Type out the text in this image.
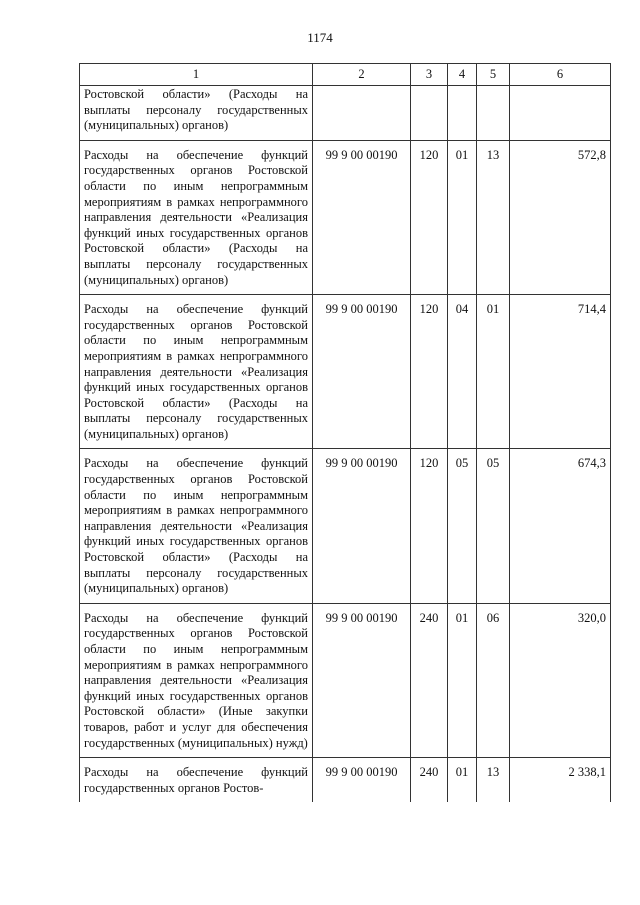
1174
1	2	3	4	5	6
Ростовской области» (Расходы на выплаты персоналу государственных (муниципальных) органов)					
Расходы на обеспечение функций государственных органов Ростовской области по иным непрограммным мероприятиям в рамках непрограммного направления деятельности «Реализация функций иных государственных органов Ростовской области» (Расходы на выплаты персоналу государственных (муниципальных) органов)	99 9 00 00190	120	01	13	572,8
Расходы на обеспечение функций государственных органов Ростовской области по иным непрограммным мероприятиям в рамках непрограммного направления деятельности «Реализация функций иных государственных органов Ростовской области» (Расходы на выплаты персоналу государственных (муниципальных) органов)	99 9 00 00190	120	04	01	714,4
Расходы на обеспечение функций государственных органов Ростовской области по иным непрограммным мероприятиям в рамках непрограммного направления деятельности «Реализация функций иных государственных органов Ростовской области» (Расходы на выплаты персоналу государственных (муниципальных) органов)	99 9 00 00190	120	05	05	674,3
Расходы на обеспечение функций государственных органов Ростовской области по иным непрограммным мероприятиям в рамках непрограммного направления деятельности «Реализация функций иных государственных органов Ростовской области» (Иные закупки товаров, работ и услуг для обеспечения государственных (муниципальных) нужд)	99 9 00 00190	240	01	06	320,0
Расходы на обеспечение функций государственных органов Ростов-	99 9 00 00190	240	01	13	2 338,1
